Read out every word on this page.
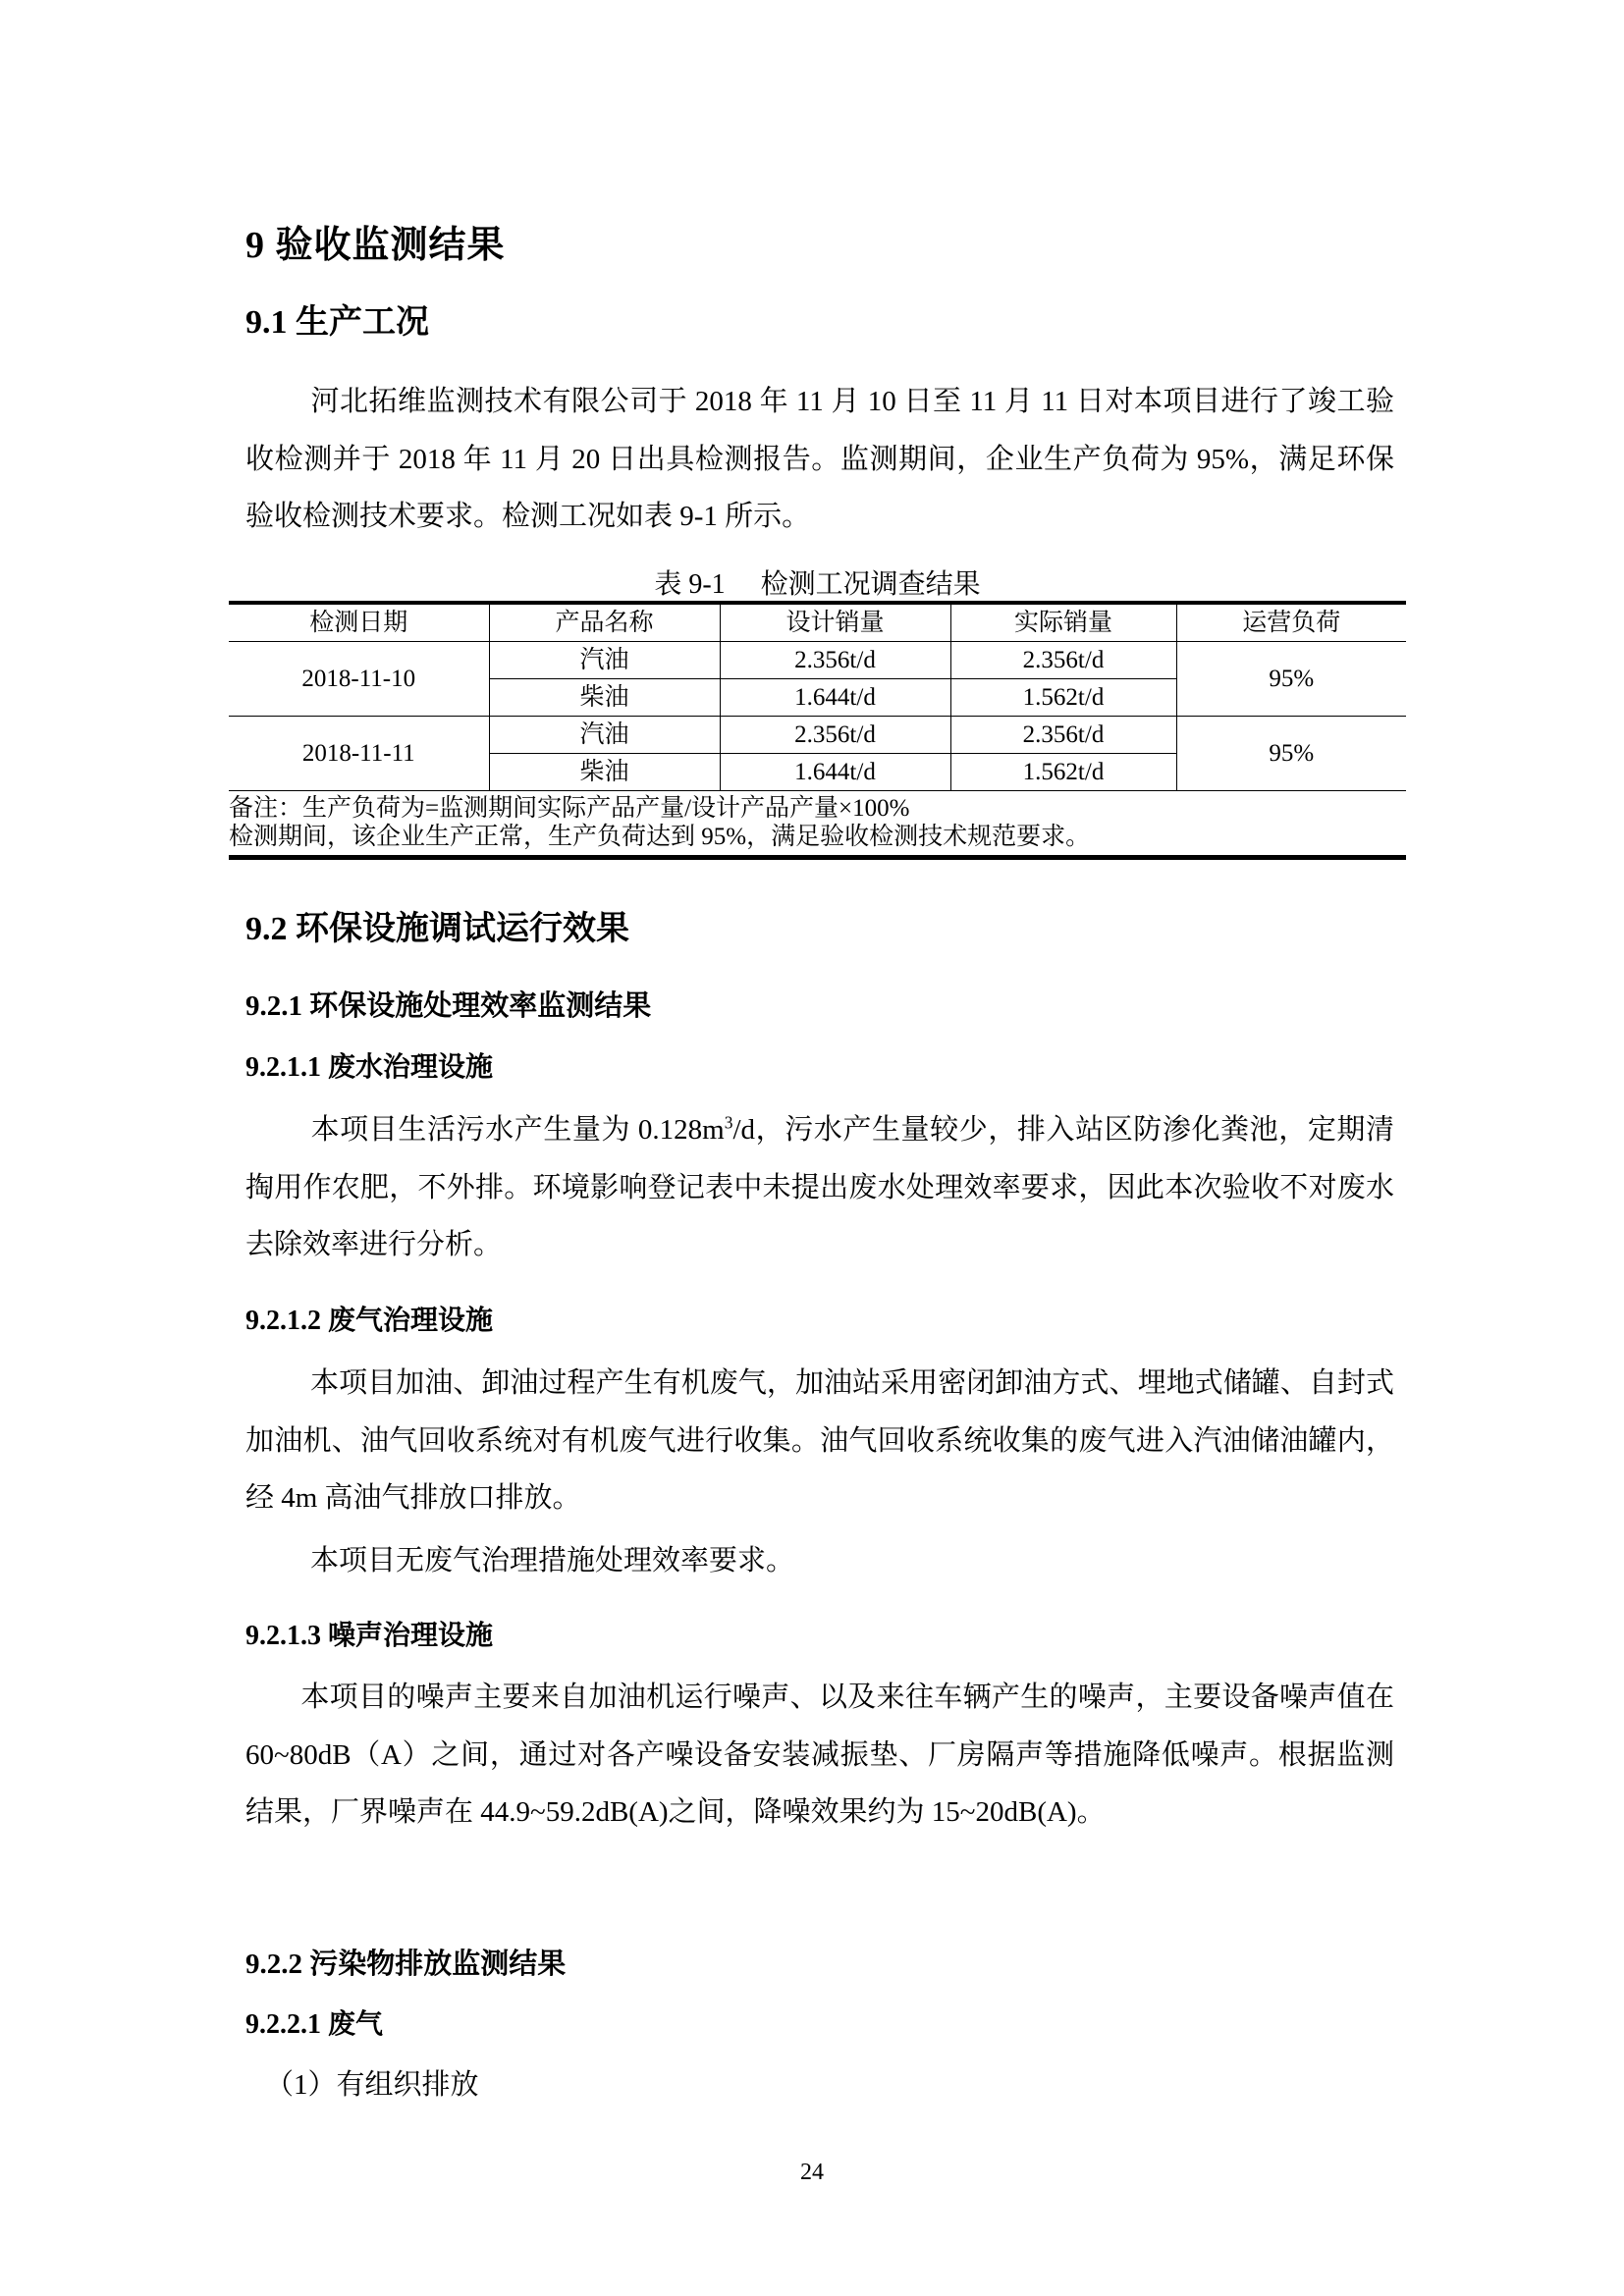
9 验收监测结果
9.1 生产工况
河北拓维监测技术有限公司于 2018 年 11 月 10 日至 11 月 11 日对本项目进行了竣工验收检测并于 2018 年 11 月 20 日出具检测报告。监测期间，企业生产负荷为 95%，满足环保验收检测技术要求。检测工况如表 9-1 所示。
表 9-1 检测工况调查结果
检测日期	产品名称	设计销量	实际销量	运营负荷
2018-11-10	汽油	2.356t/d	2.356t/d	95%
	柴油	1.644t/d	1.562t/d	
2018-11-11	汽油	2.356t/d	2.356t/d	95%
	柴油	1.644t/d	1.562t/d	

备注：生产负荷为=监测期间实际产品产量/设计产品产量×100%
检测期间，该企业生产正常，生产负荷达到 95%，满足验收检测技术规范要求。				
9.2 环保设施调试运行效果
9.2.1 环保设施处理效率监测结果
9.2.1.1 废水治理设施
本项目生活污水产生量为 $0.128m^3/d$，污水产生量较少，排入站区防渗化粪池，定期清掏用作农肥，不外排。环境影响登记表中未提出废水处理效率要求，因此本次验收不对废水去除效率进行分析。
9.2.1.2 废气治理设施
本项目加油、卸油过程产生有机废气，加油站采用密闭卸油方式、埋地式储罐、自封式加油机、油气回收系统对有机废气进行收集。油气回收系统收集的废气进入汽油储油罐内，经 4m 高油气排放口排放。
本项目无废气治理措施处理效率要求。
9.2.1.3 噪声治理设施
本项目的噪声主要来自加油机运行噪声、以及来往车辆产生的噪声，主要设备噪声值在 60~80dB（A）之间，通过对各产噪设备安装减振垫、厂房隔声等措施降低噪声。根据监测结果，厂界噪声在 44.9~59.2dB(A)之间，降噪效果约为 15~20dB(A)。
9.2.2 污染物排放监测结果
9.2.2.1 废气
（1）有组织排放
24
